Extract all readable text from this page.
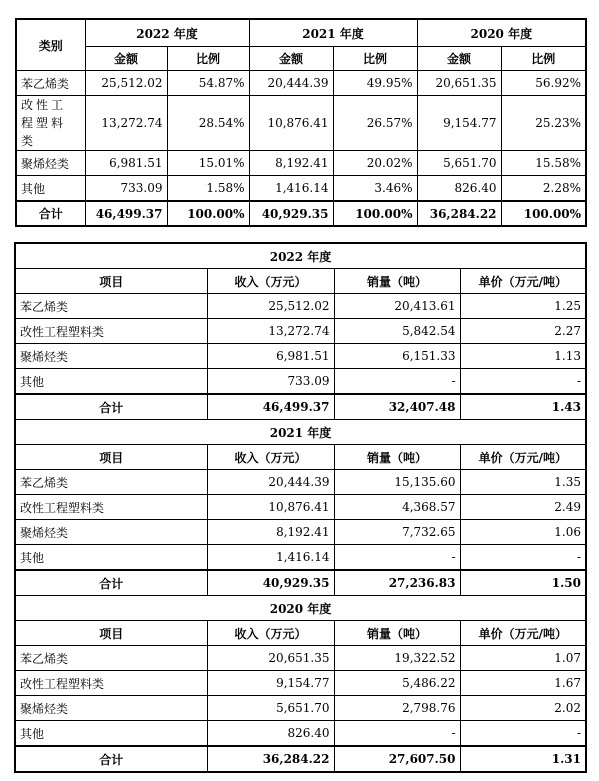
类别	2022 年度		2021 年度		2020 年度	
	金额	比例	金额	比例	金额	比例
苯乙烯类	25,512.02	54.87%	20,444.39	49.95%	20,651.35	56.92%
改性工程塑料类	13,272.74	28.54%	10,876.41	26.57%	9,154.77	25.23%
聚烯烃类	6,981.51	15.01%	8,192.41	20.02%	5,651.70	15.58%
其他	733.09	1.58%	1,416.14	3.46%	826.40	2.28%
合计	46,499.37	100.00%	40,929.35	100.00%	36,284.22	100.00%
2022 年度			
项目	收入（万元）	销量（吨）	单价（万元/吨）
苯乙烯类	25,512.02	20,413.61	1.25
改性工程塑料类	13,272.74	5,842.54	2.27
聚烯烃类	6,981.51	6,151.33	1.13
其他	733.09	-	-
合计	46,499.37	32,407.48	1.43
2021 年度			
项目	收入（万元）	销量（吨）	单价（万元/吨）
苯乙烯类	20,444.39	15,135.60	1.35
改性工程塑料类	10,876.41	4,368.57	2.49
聚烯烃类	8,192.41	7,732.65	1.06
其他	1,416.14	-	-
合计	40,929.35	27,236.83	1.50
2020 年度			
项目	收入（万元）	销量（吨）	单价（万元/吨）
苯乙烯类	20,651.35	19,322.52	1.07
改性工程塑料类	9,154.77	5,486.22	1.67
聚烯烃类	5,651.70	2,798.76	2.02
其他	826.40	-	-
合计	36,284.22	27,607.50	1.31
